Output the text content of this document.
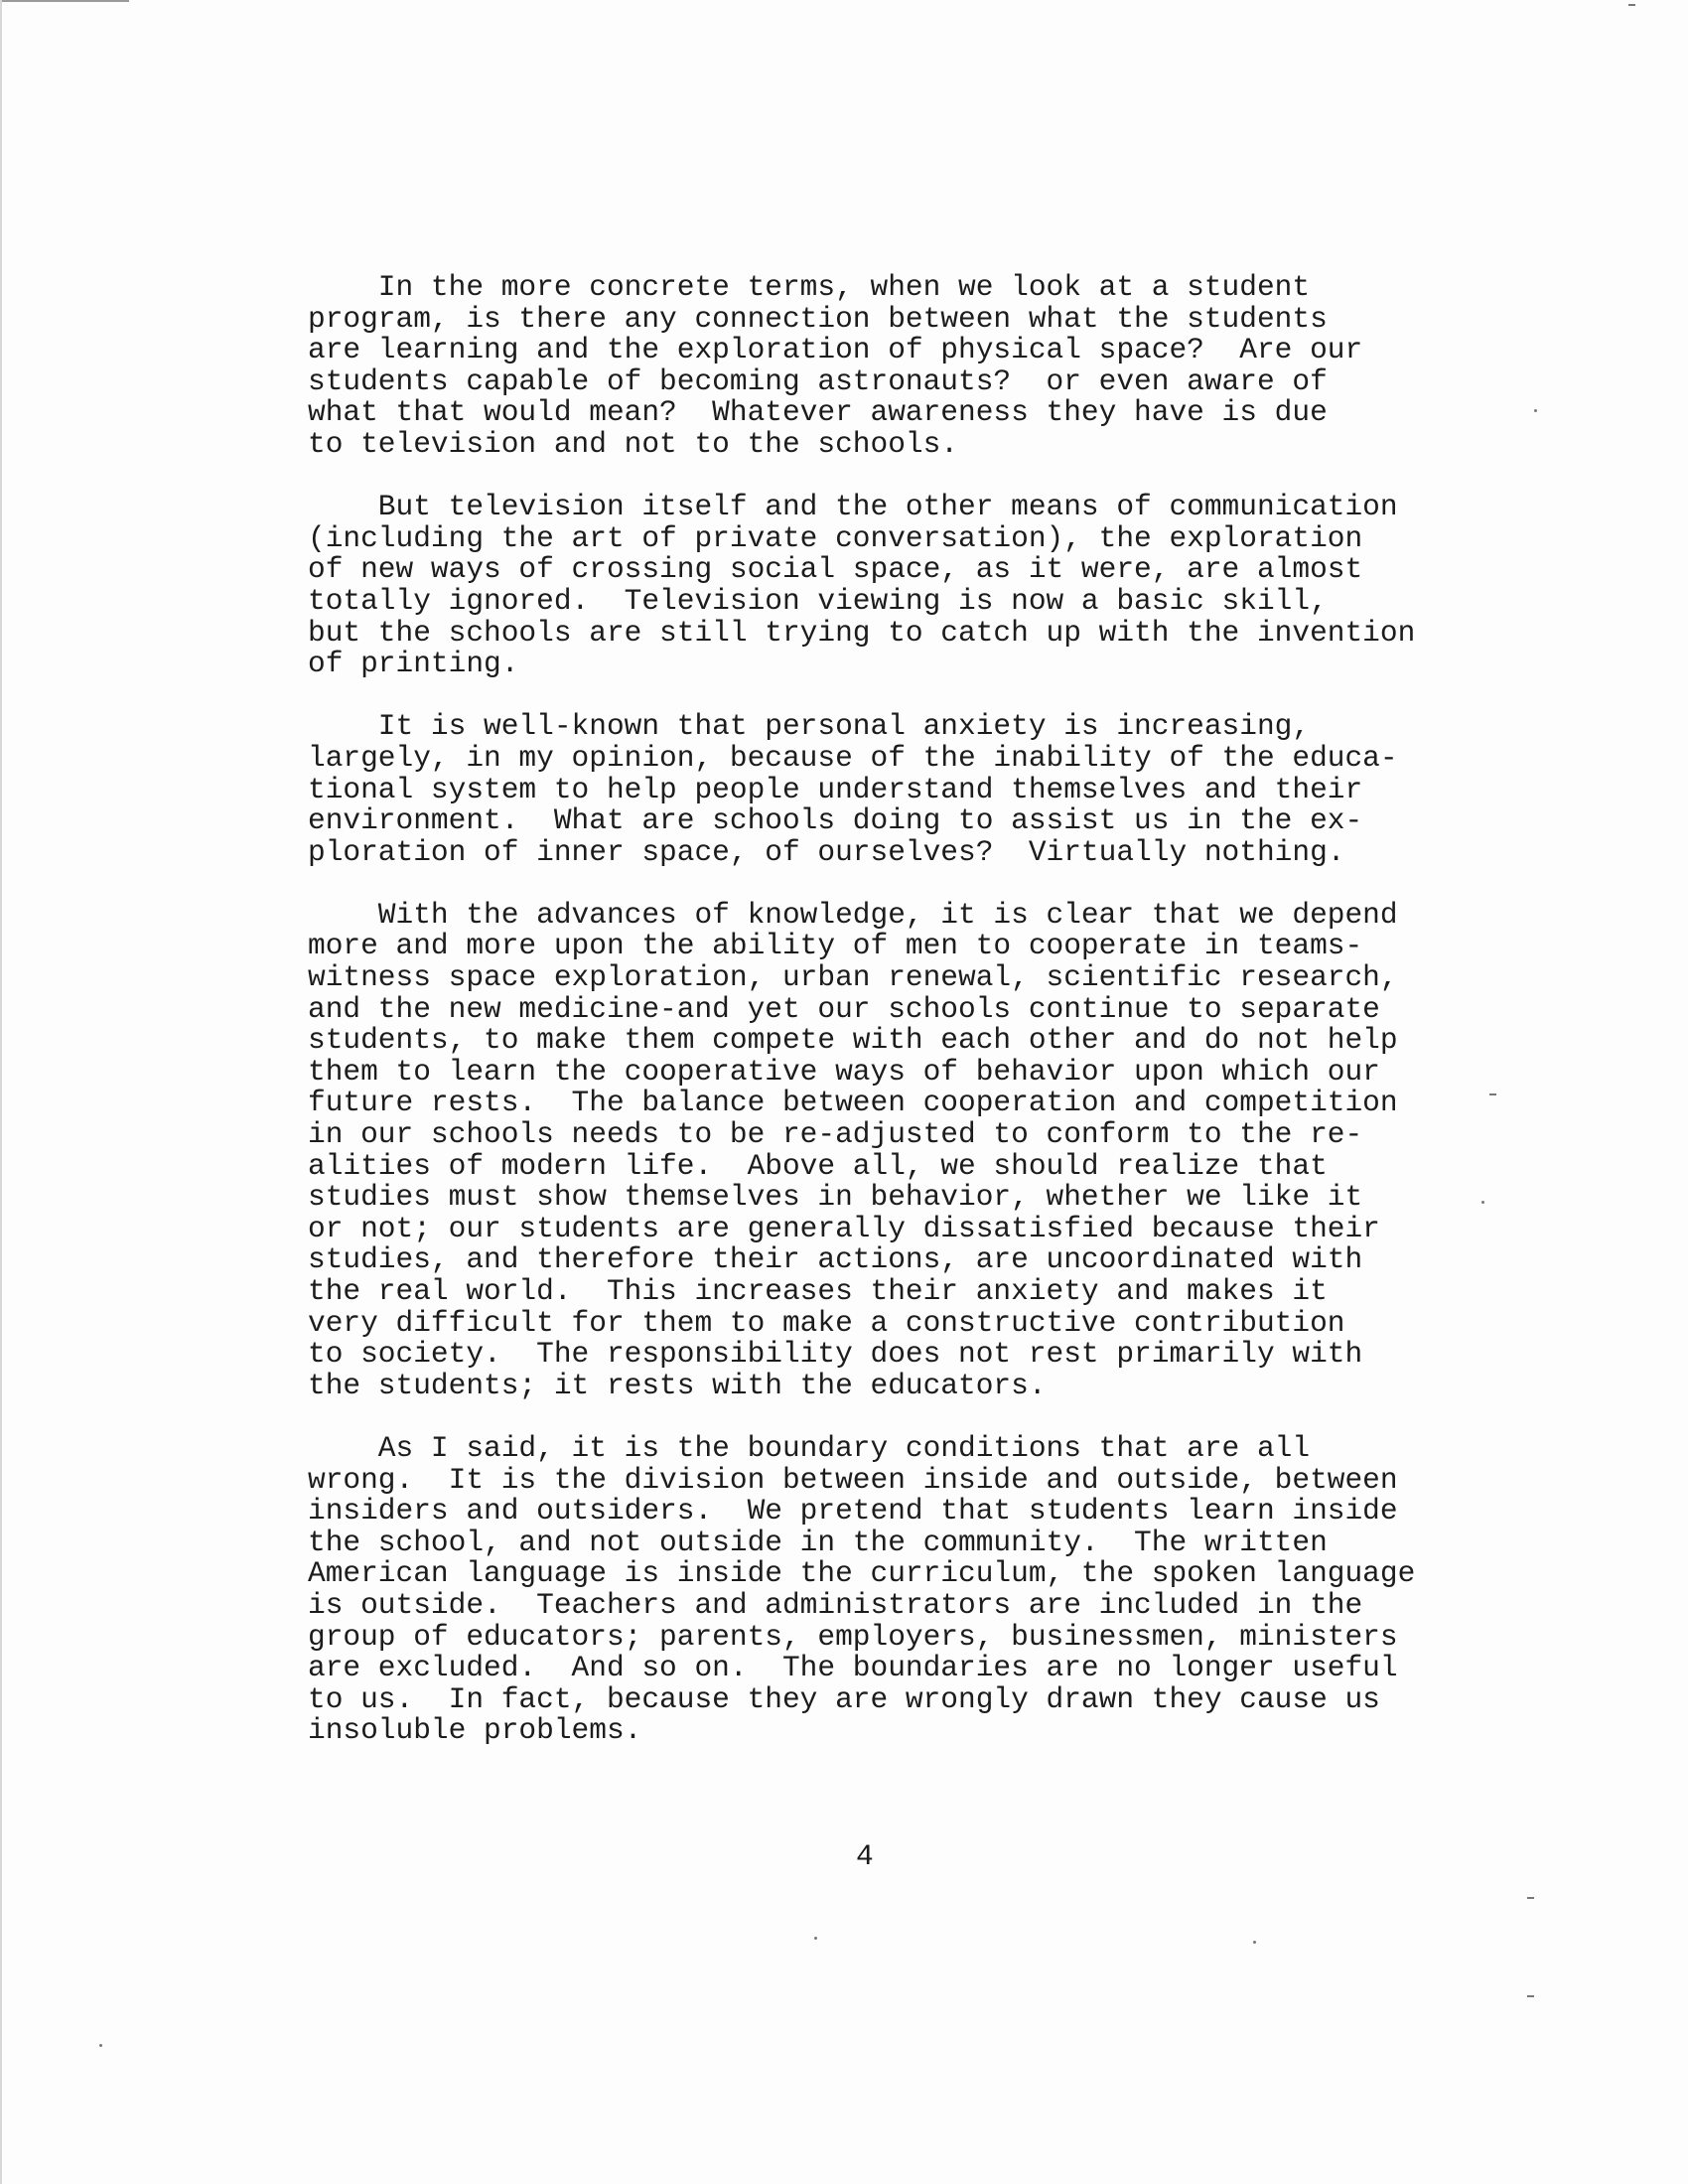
In the more concrete terms, when we look at a student
program, is there any connection between what the students
are learning and the exploration of physical space?  Are our
students capable of becoming astronauts?  or even aware of
what that would mean?  Whatever awareness they have is due
to television and not to the schools.

But television itself and the other means of communication
(including the art of private conversation), the exploration
of new ways of crossing social space, as it were, are almost
totally ignored.  Television viewing is now a basic skill,
but the schools are still trying to catch up with the invention
of printing.

It is well-known that personal anxiety is increasing,
largely, in my opinion, because of the inability of the educa-
tional system to help people understand themselves and their
environment.  What are schools doing to assist us in the ex-
ploration of inner space, of ourselves?  Virtually nothing.

With the advances of knowledge, it is clear that we depend
more and more upon the ability of men to cooperate in teams-
witness space exploration, urban renewal, scientific research,
and the new medicine-and yet our schools continue to separate
students, to make them compete with each other and do not help
them to learn the cooperative ways of behavior upon which our
future rests.  The balance between cooperation and competition
in our schools needs to be re-adjusted to conform to the re-
alities of modern life.  Above all, we should realize that
studies must show themselves in behavior, whether we like it
or not; our students are generally dissatisfied because their
studies, and therefore their actions, are uncoordinated with
the real world.  This increases their anxiety and makes it
very difficult for them to make a constructive contribution
to society.  The responsibility does not rest primarily with
the students; it rests with the educators.

As I said, it is the boundary conditions that are all
wrong.  It is the division between inside and outside, between
insiders and outsiders.  We pretend that students learn inside
the school, and not outside in the community.  The written
American language is inside the curriculum, the spoken language
is outside.  Teachers and administrators are included in the
group of educators; parents, employers, businessmen, ministers
are excluded.  And so on.  The boundaries are no longer useful
to us.  In fact, because they are wrongly drawn they cause us
insoluble problems.

4
